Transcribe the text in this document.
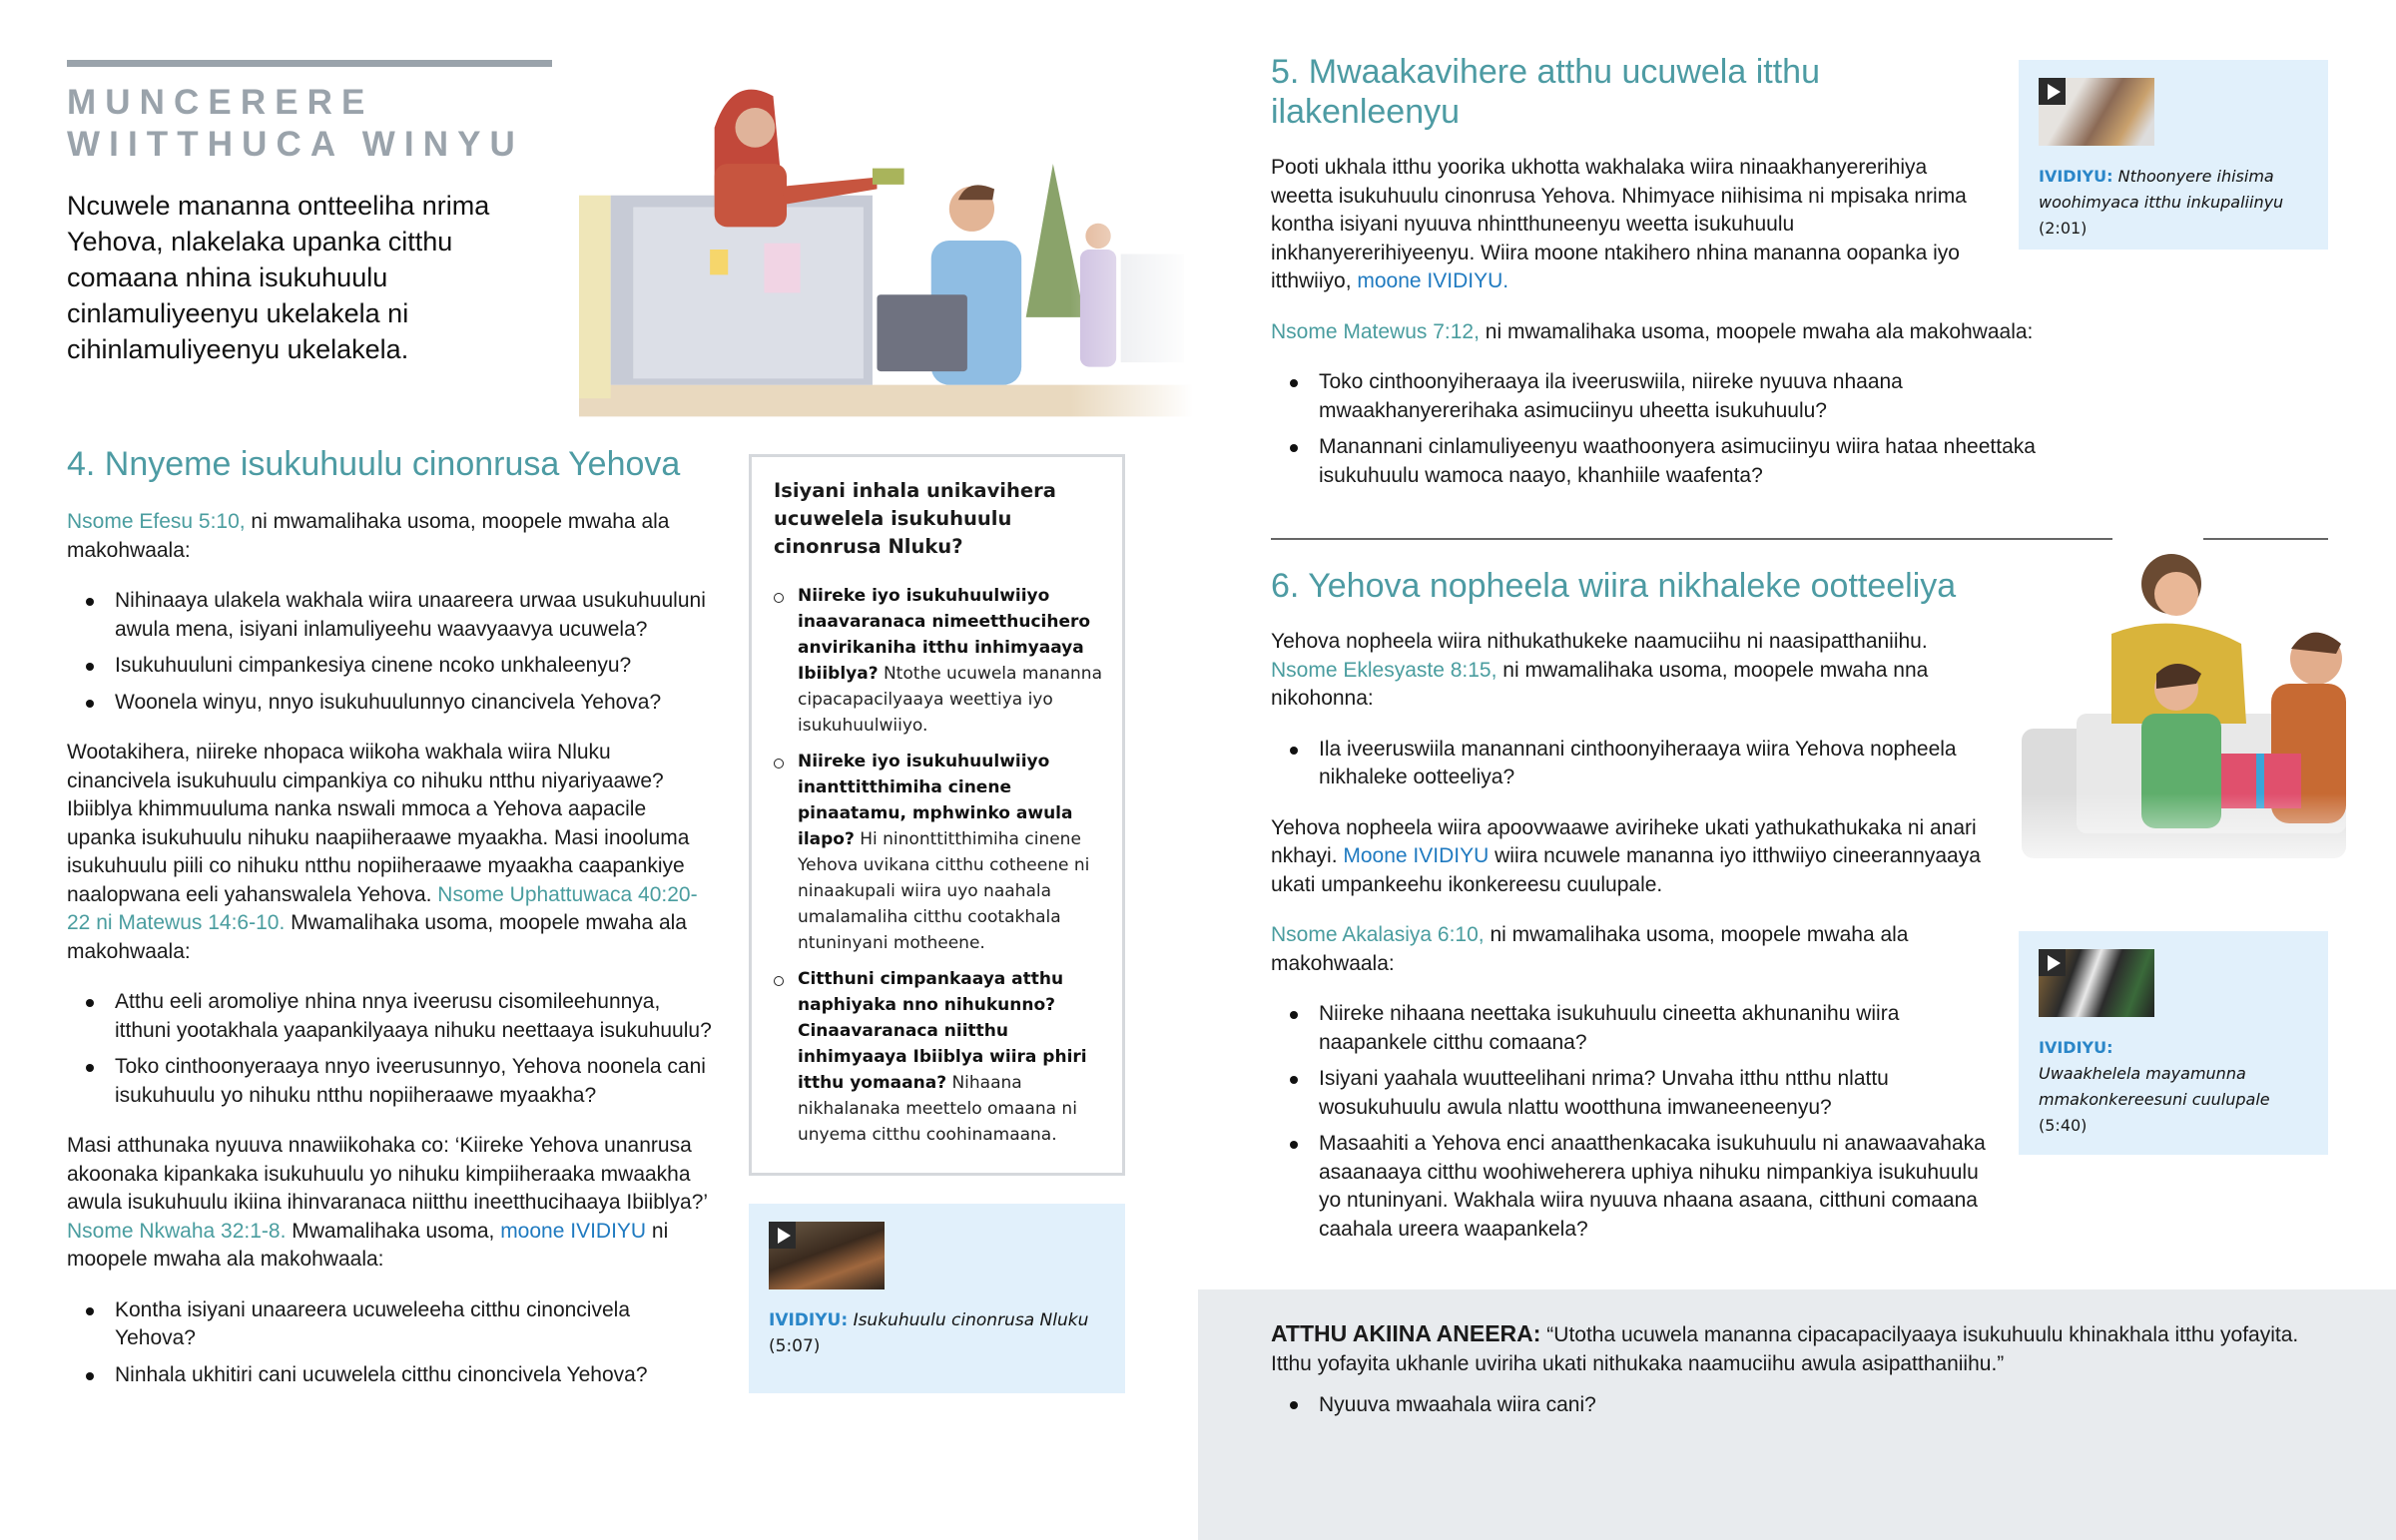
MUNCERERE
WIITTHUCA WINYU
Ncuwele mananna ontteeliha nrima Yehova, nlakelaka upanka citthu comaana nhina isukuhuulu cinlamuliyeenyu ukelakela ni cihinlamuliyeenyu ukelakela.
4. Nnyeme isukuhuulu cinonrusa Yehova

Nsome Efesu 5:10, ni mwamalihaka usoma, moopele mwaha ala makohwaala:

Nihinaaya ulakela wakhala wiira unaareera urwaa usukuhuuluni awula mena, isiyani inlamuliyeehu waavyaavya ucuwela?
Isukuhuuluni cimpankesiya cinene ncoko unkhaleenyu?
Woonela winyu, nnyo isukuhuulunnyo cinancivela Yehova?

Wootakihera, niireke nhopaca wiikoha wakhala wiira Nluku cinancivela isukuhuulu cimpankiya co nihuku ntthu niyariyaawe? Ibiiblya khimmuuluma nanka nswali mmoca a Yehova aapacile upanka isukuhuulu nihuku naapiiheraawe myaakha. Masi inooluma isukuhuulu piili co nihuku ntthu nopiiheraawe myaakha caapankiye naalopwana eeli yahanswalela Yehova. Nsome Uphattuwaca 40:20-22 ni Matewus 14:6-10. Mwamalihaka usoma, moopele mwaha ala makohwaala:

Atthu eeli aromoliye nhina nnya iveerusu cisomileehunnya, itthuni yootakhala yaapankilyaaya nihuku neettaaya isukuhuulu?
Toko cinthoonyeraaya nnyo iveerusunnyo, Yehova noonela cani isukuhuulu yo nihuku ntthu nopiiheraawe myaakha?

Masi atthunaka nyuuva nnawiikohaka co: ‘Kiireke Yehova unanrusa akoonaka kipankaka isukuhuulu yo nihuku kimpiiheraaka mwaakha awula isukuhuulu ikiina ihinvaranaca niitthu ineetthucihaaya Ibiiblya?’ Nsome Nkwaha 32:1-8. Mwamalihaka usoma, moone IVIDIYU ni moopele mwaha ala makohwaala:

Kontha isiyani unaareera ucuweleeha citthu cinoncivela Yehova?
Ninhala ukhitiri cani ucuwelela citthu cinoncivela Yehova?
Isiyani inhala unikavihera ucuwelela isukuhuulu cinonrusa Nluku?
Niireke iyo isukuhuulwiiyo inaavaranaca nimeetthucihero anvirikaniha itthu inhimyaaya Ibiiblya? Ntothe ucuwela mananna cipacapacilyaaya weettiya iyo isukuhuulwiiyo.
Niireke iyo isukuhuulwiiyo inanttitthimiha cinene pinaatamu, mphwinko awula ilapo? Hi ninonttitthimiha cinene Yehova uvikana citthu cotheene ni ninaakupali wiira uyo naahala umalamaliha citthu cootakhala ntuninyani motheene.
Citthuni cimpankaaya atthu naphiyaka nno nihukunno? Cinaavaranaca niitthu inhimyaaya Ibiiblya wiira phiri itthu yomaana? Nihaana nikhalanaka meettelo omaana ni unyema citthu coohinamaana.
IVIDIYU: Isukuhuulu cinonrusa Nluku (5:07)
5. Mwaakavihere atthu ucuwela itthu ilakenleenyu

Pooti ukhala itthu yoorika ukhotta wakhalaka wiira ninaakhanyererihiya weetta isukuhuulu cinonrusa Yehova. Nhimyace niihisima ni mpisaka nrima kontha isiyani nyuuva nhintthuneenyu weetta isukuhuulu inkhanyererihiyeenyu. Wiira moone ntakihero nhina mananna oopanka iyo itthwiiyo, moone IVIDIYU.

Nsome Matewus 7:12, ni mwamalihaka usoma, moopele mwaha ala makohwaala:

Toko cinthoonyiheraaya ila iveeruswiila, niireke nyuuva nhaana mwaakhanyererihaka asimuciinyu uheetta isukuhuulu?
Manannani cinlamuliyeenyu waathoonyera asimuciinyu wiira hataa nheettaka isukuhuulu wamoca naayo, khanhiile waafenta?
IVIDIYU: Nthoonyere ihisima woohimyaca itthu inkupaliinyu (2:01)
6. Yehova nopheela wiira nikhaleke ootteeliya

Yehova nopheela wiira nithukathukeke naamuciihu ni naasipatthaniihu. Nsome Eklesyaste 8:15, ni mwamalihaka usoma, moopele mwaha nna nikohonna:

Ila iveeruswiila manannani cinthoonyiheraaya wiira Yehova nopheela nikhaleke ootteeliya?

Yehova nopheela wiira apoovwaawe aviriheke ukati yathukathukaka ni anari nkhayi. Moone IVIDIYU wiira ncuwele mananna iyo itthwiiyo cineerannyaaya ukati umpankeehu ikonkereesu cuulupale.

Nsome Akalasiya 6:10, ni mwamalihaka usoma, moopele mwaha ala makohwaala:

Niireke nihaana neettaka isukuhuulu cineetta akhunanihu wiira naapankele citthu comaana?
Isiyani yaahala wuutteelihani nrima? Unvaha itthu ntthu nlattu wosukuhuulu awula nlattu wootthuna imwaneeneenyu?
Masaahiti a Yehova enci anaatthenkacaka isukuhuulu ni anawaavahaka asaanaaya citthu woohiweherera uphiya nihuku nimpankiya isukuhuulu yo ntuninyani. Wakhala wiira nyuuva nhaana asaana, citthuni comaana caahala ureera waapankela?
IVIDIYU:
Uwaakhelela mayamunna mmakonkereesuni cuulupale (5:40)
ATTHU AKIINA ANEERA: “Utotha ucuwela mananna cipacapacilyaaya isukuhuulu khinakhala itthu yofayita. Itthu yofayita ukhanle uviriha ukati nithukaka naamuciihu awula asipatthaniihu.”
Nyuuva mwaahala wiira cani?
